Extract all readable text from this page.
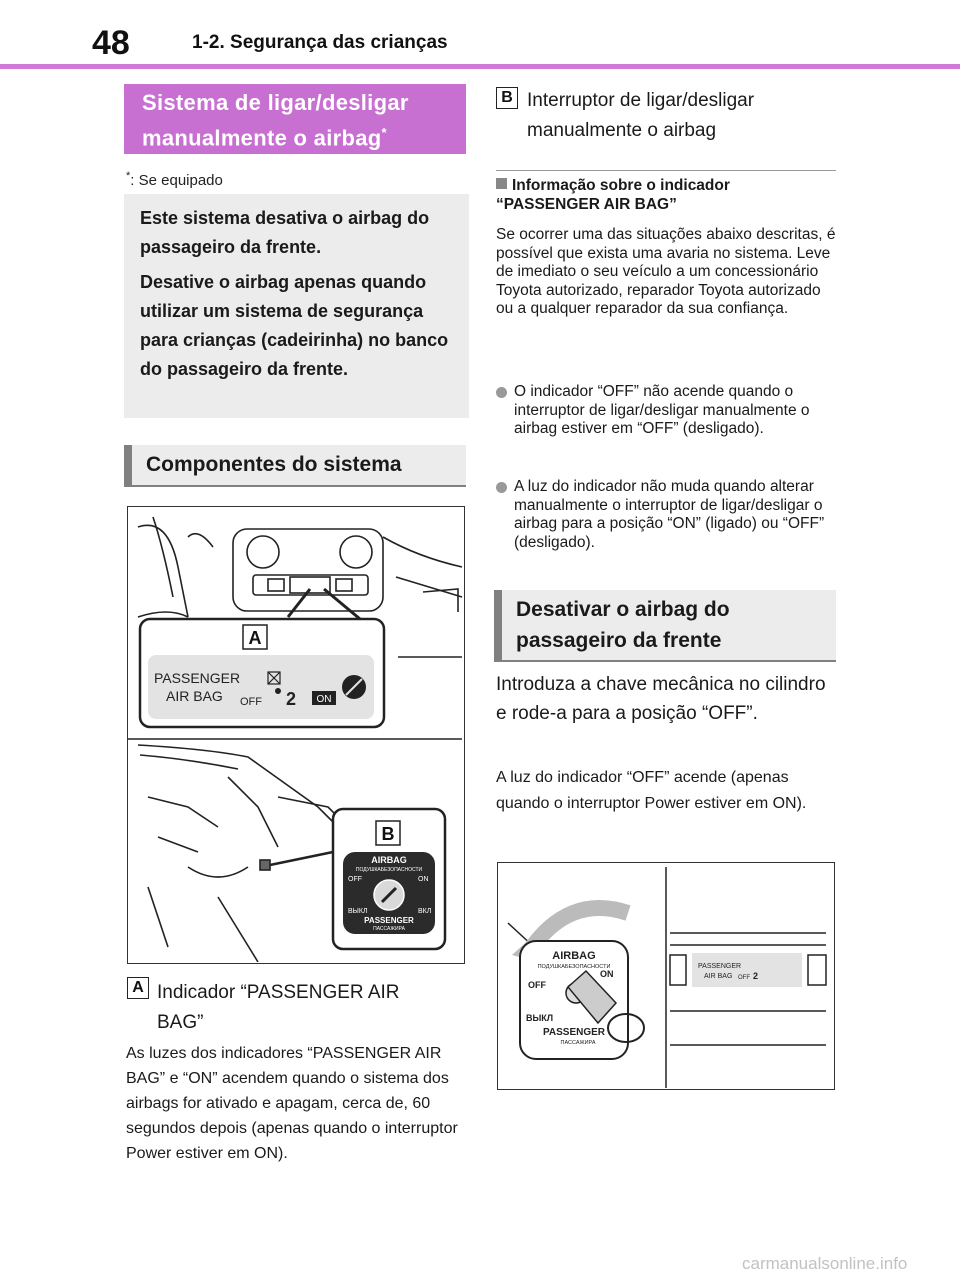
48	1-2. Segurança das crianças
Sistema de ligar/desligar manualmente o airbag*
*: Se equipado

Este sistema desativa o airbag do passageiro da frente.

Desative o airbag apenas quando utilizar um sistema de segurança para crianças (cadeirinha) no banco do passageiro da frente.

Componentes do sistema
A
PASSENGER
AIR BAG OFF 2 ON
B
AIRBAG
ПОДУШКАБЕЗОПАСНОСТИ
OFF	ON
ВЫКЛ	ВКЛ
PASSENGER
ПАССАЖИРА
A Indicador “PASSENGER AIR BAG”
As luzes dos indicadores “PASSENGER AIR BAG” e “ON” acendem quando o sistema dos airbags for ativado e apagam, cerca de, 60 segundos depois (apenas quando o interruptor Power estiver em ON).
B Interruptor de ligar/desligar manualmente o airbag
Informação sobre o indicador “PASSENGER AIR BAG”
Se ocorrer uma das situações abaixo descritas, é possível que exista uma avaria no sistema. Leve de imediato o seu veículo a um concessionário Toyota autorizado, reparador Toyota autorizado ou a qualquer reparador da sua confiança.
O indicador “OFF” não acende quando o interruptor de ligar/desligar manualmente o airbag estiver em “OFF” (desligado).
A luz do indicador não muda quando alterar manualmente o interruptor de ligar/desligar o airbag para a posição “ON” (ligado) ou “OFF” (desligado).
Desativar o airbag do passageiro da frente
Introduza a chave mecânica no cilindro e rode-a para a posição “OFF”.
A luz do indicador “OFF” acende (apenas quando o interruptor Power estiver em ON).
AIRBAG
ПОДУШКАБЕЗОПАСНОСТИ
OFF
ON
ВЫКЛ
PASSENGER
ПАССАЖИРА
PASSENGER
AIR BAG OFF 2
carmanualsonline.info
